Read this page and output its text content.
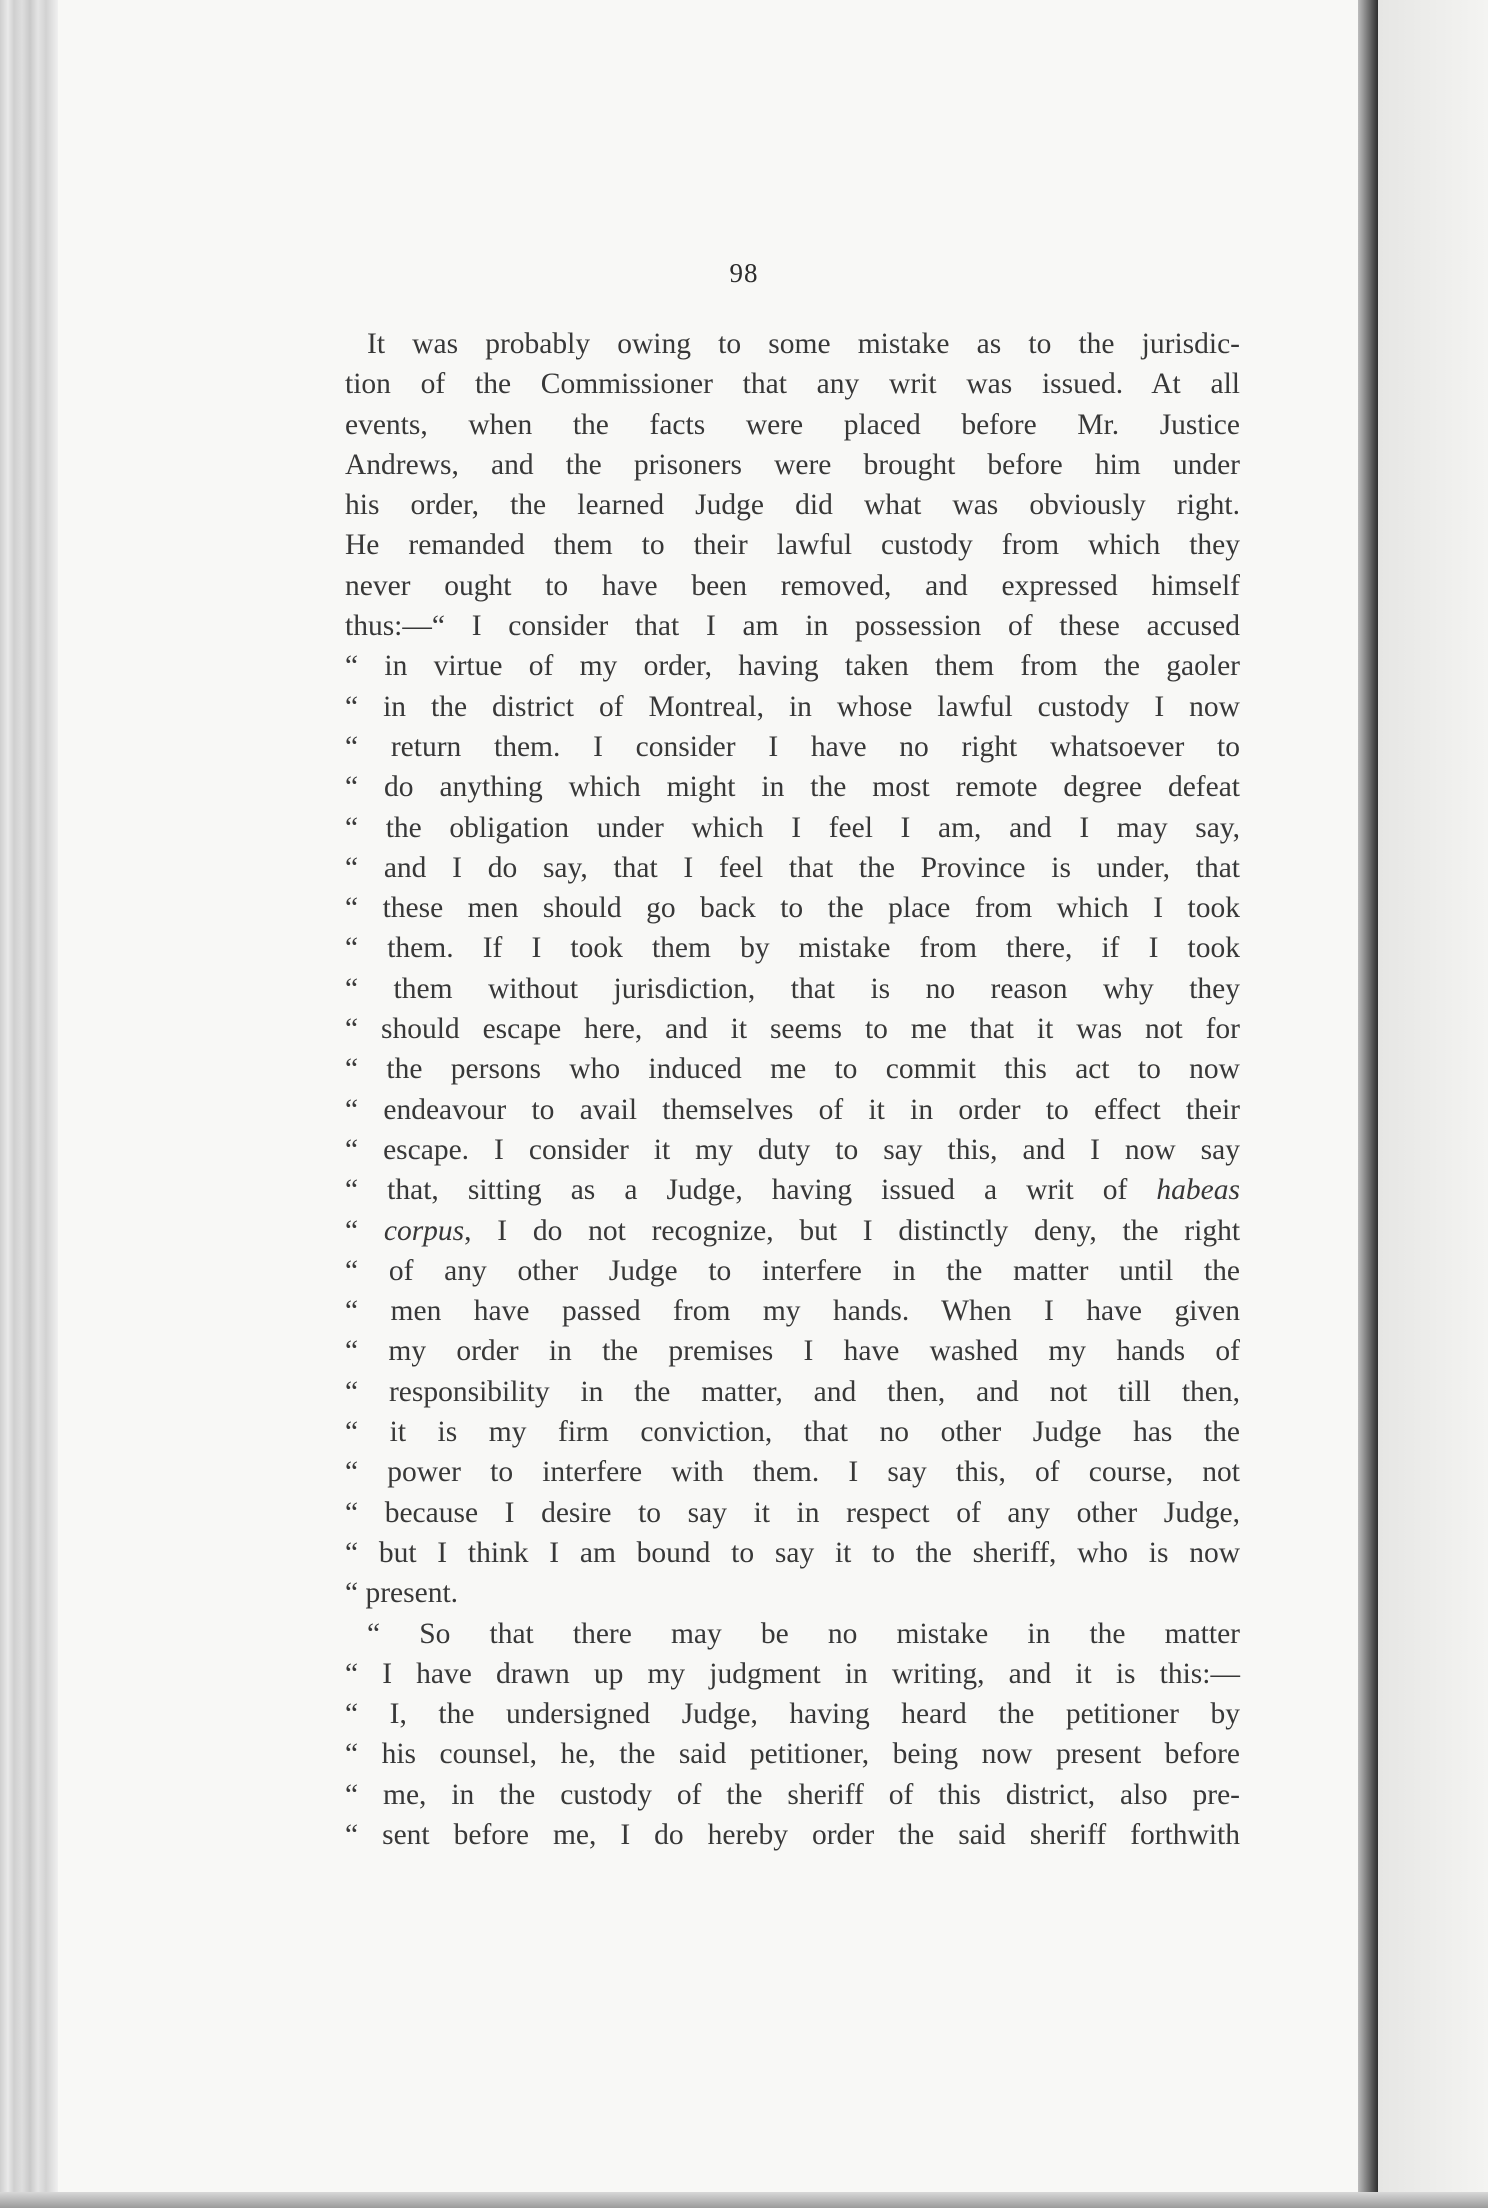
98
It was probably owing to some mistake as to the jurisdic-
tion of the Commissioner that any writ was issued. At all
events, when the facts were placed before Mr. Justice
Andrews, and the prisoners were brought before him under
his order, the learned Judge did what was obviously right.
He remanded them to their lawful custody from which they
never ought to have been removed, and expressed himself
thus:—“ I consider that I am in possession of these accused
“ in virtue of my order, having taken them from the gaoler
“ in the district of Montreal, in whose lawful custody I now
“ return them. I consider I have no right whatsoever to
“ do anything which might in the most remote degree defeat
“ the obligation under which I feel I am, and I may say,
“ and I do say, that I feel that the Province is under, that
“ these men should go back to the place from which I took
“ them. If I took them by mistake from there, if I took
“ them without jurisdiction, that is no reason why they
“ should escape here, and it seems to me that it was not for
“ the persons who induced me to commit this act to now
“ endeavour to avail themselves of it in order to effect their
“ escape. I consider it my duty to say this, and I now say
“ that, sitting as a Judge, having issued a writ of habeas
“ corpus, I do not recognize, but I distinctly deny, the right
“ of any other Judge to interfere in the matter until the
“ men have passed from my hands. When I have given
“ my order in the premises I have washed my hands of
“ responsibility in the matter, and then, and not till then,
“ it is my firm conviction, that no other Judge has the
“ power to interfere with them. I say this, of course, not
“ because I desire to say it in respect of any other Judge,
“ but I think I am bound to say it to the sheriff, who is now
“ present.
“ So that there may be no mistake in the matter
“ I have drawn up my judgment in writing, and it is this:—
“ I, the undersigned Judge, having heard the petitioner by
“ his counsel, he, the said petitioner, being now present before
“ me, in the custody of the sheriff of this district, also pre-
“ sent before me, I do hereby order the said sheriff forthwith
